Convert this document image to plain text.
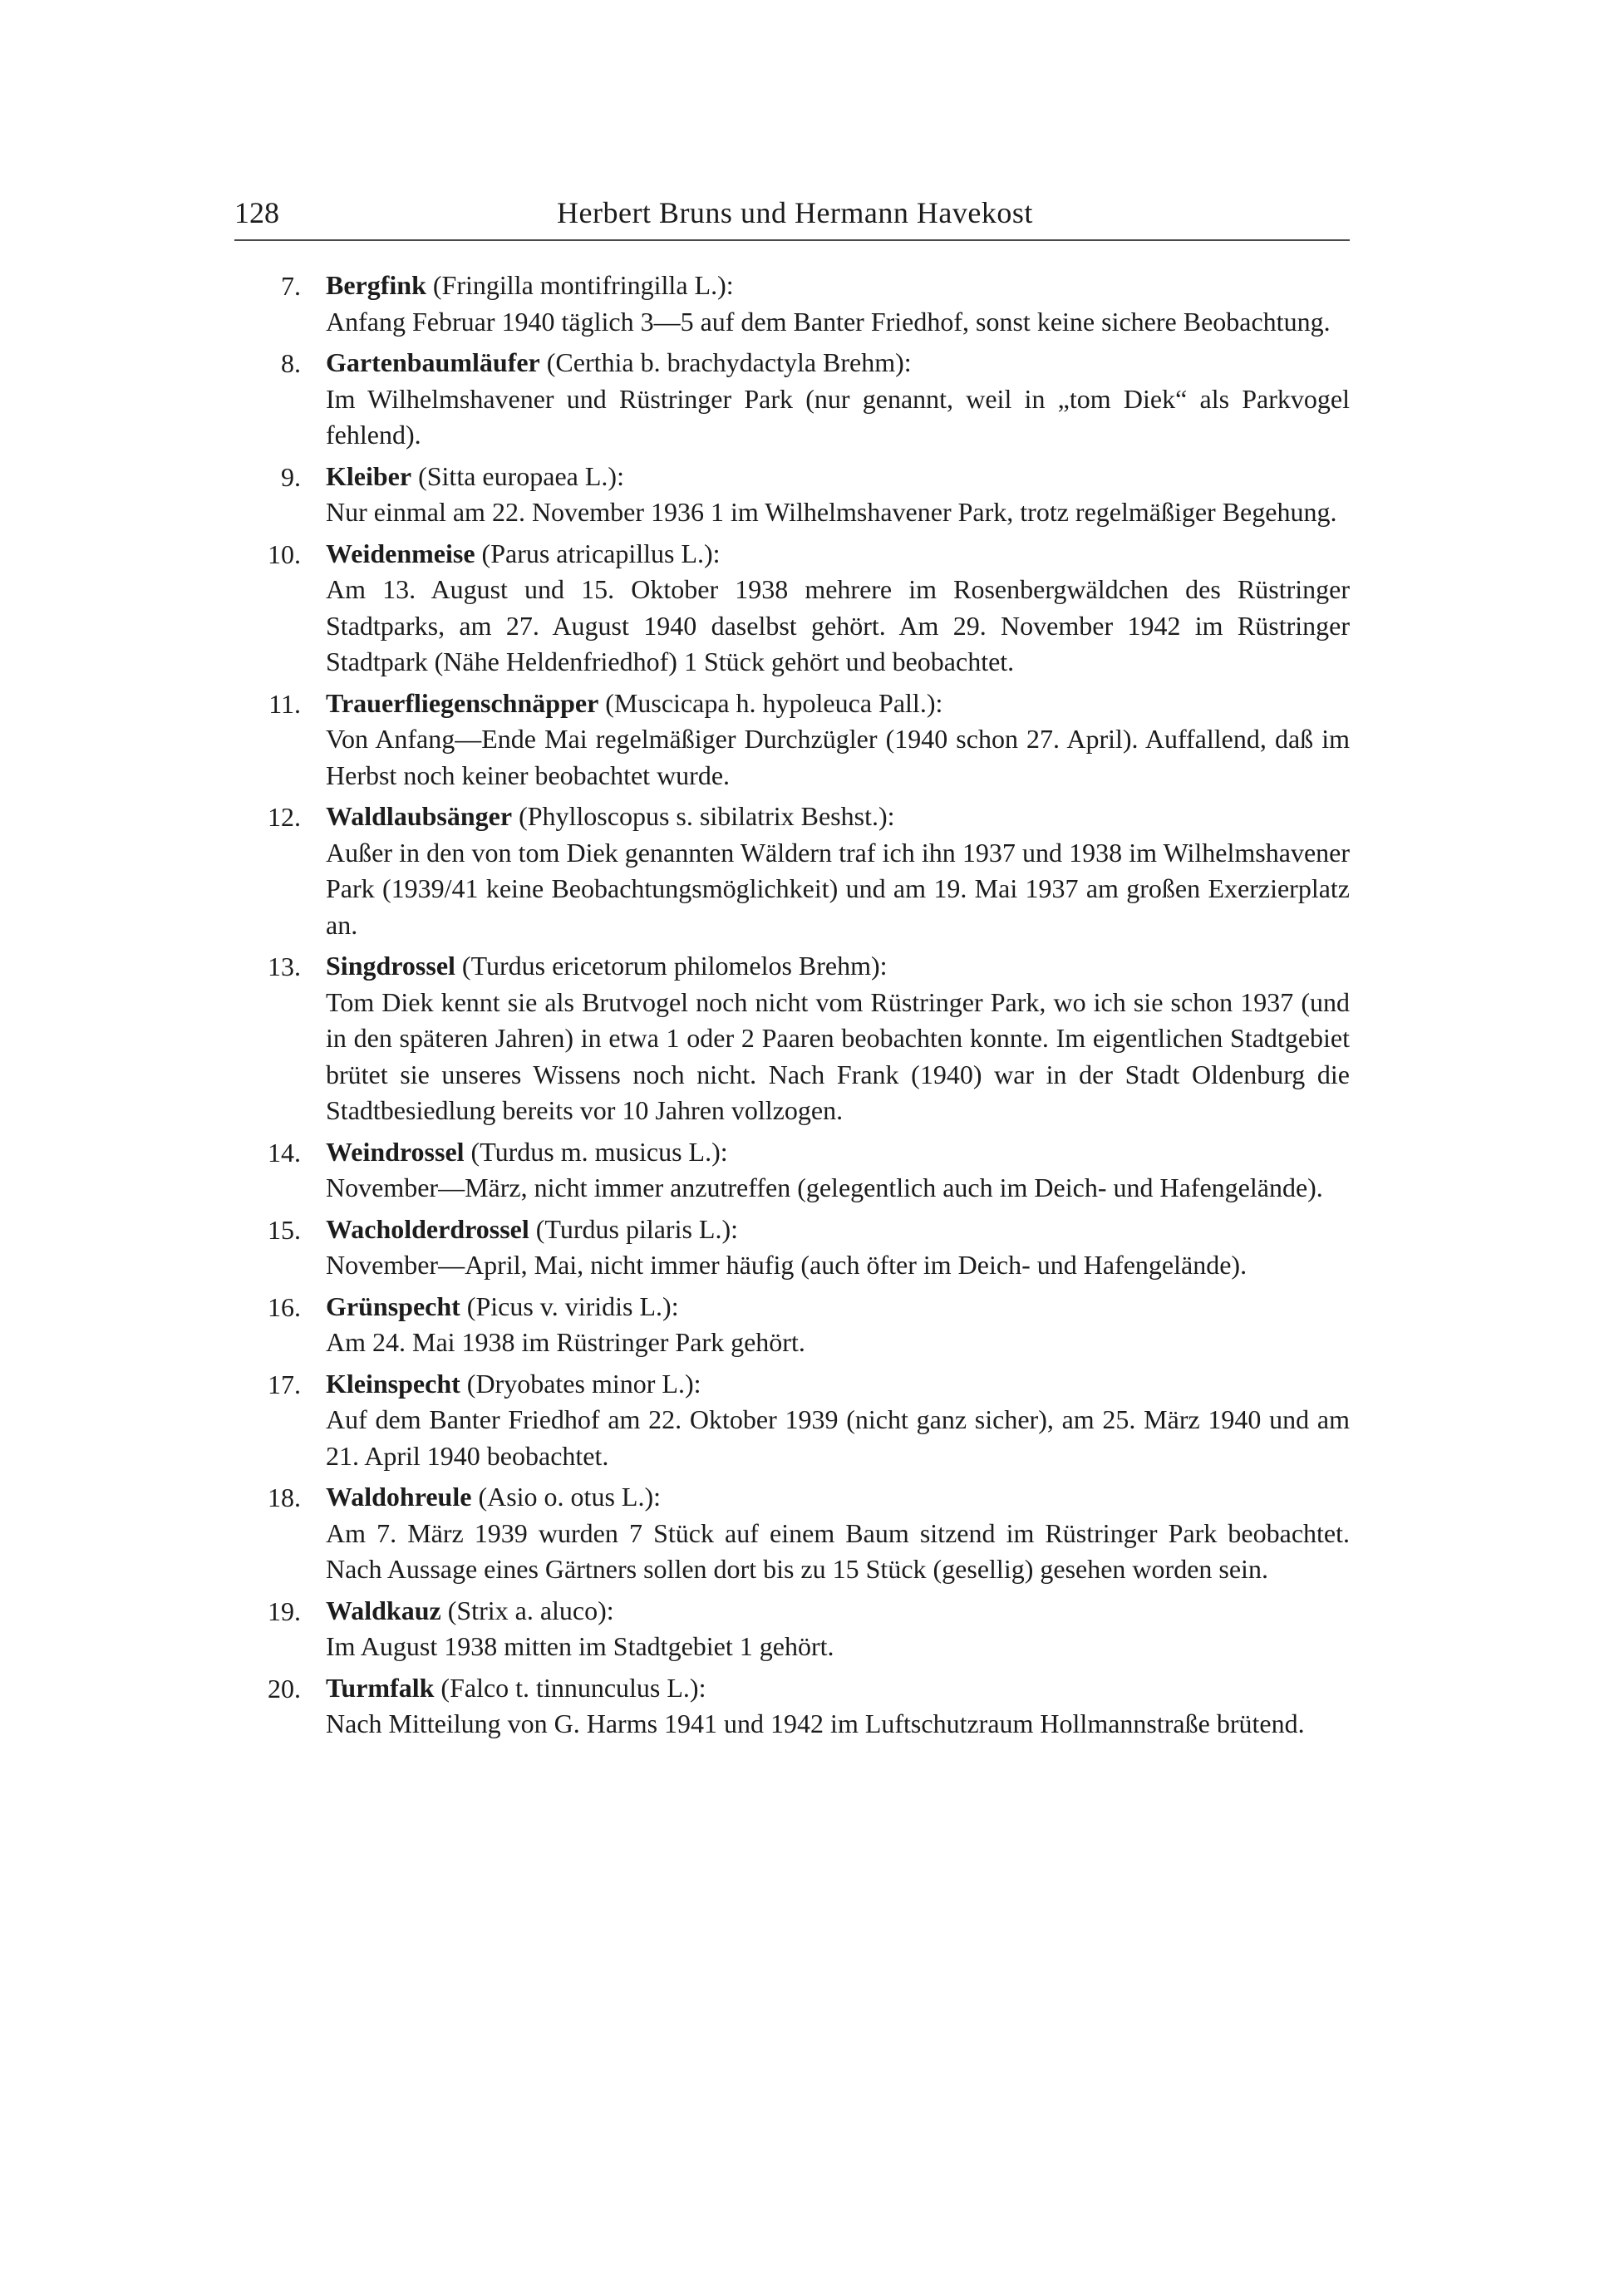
128	Herbert Bruns und Hermann Havekost
7. Bergfink (Fringilla montifringilla L.):
Anfang Februar 1940 täglich 3—5 auf dem Banter Friedhof, sonst keine sichere Beobachtung.
8. Gartenbaumläufer (Certhia b. brachydactyla Brehm):
Im Wilhelmshavener und Rüstringer Park (nur genannt, weil in „tom Diek“ als Parkvogel fehlend).
9. Kleiber (Sitta europaea L.):
Nur einmal am 22. November 1936 1 im Wilhelmshavener Park, trotz regelmäßiger Begehung.
10. Weidenmeise (Parus atricapillus L.):
Am 13. August und 15. Oktober 1938 mehrere im Rosenbergwäldchen des Rüstringer Stadtparks, am 27. August 1940 daselbst gehört. Am 29. November 1942 im Rüstringer Stadtpark (Nähe Heldenfriedhof) 1 Stück gehört und beobachtet.
11. Trauerfliegenschnäpper (Muscicapa h. hypoleuca Pall.):
Von Anfang—Ende Mai regelmäßiger Durchzügler (1940 schon 27. April). Auffallend, daß im Herbst noch keiner beobachtet wurde.
12. Waldlaubsänger (Phylloscopus s. sibilatrix Beshst.):
Außer in den von tom Diek genannten Wäldern traf ich ihn 1937 und 1938 im Wilhelmshavener Park (1939/41 keine Beobachtungsmöglichkeit) und am 19. Mai 1937 am großen Exerzierplatz an.
13. Singdrossel (Turdus ericetorum philomelos Brehm):
Tom Diek kennt sie als Brutvogel noch nicht vom Rüstringer Park, wo ich sie schon 1937 (und in den späteren Jahren) in etwa 1 oder 2 Paaren beobachten konnte. Im eigentlichen Stadtgebiet brütet sie unseres Wissens noch nicht. Nach Frank (1940) war in der Stadt Oldenburg die Stadtbesiedlung bereits vor 10 Jahren vollzogen.
14. Weindrossel (Turdus m. musicus L.):
November—März, nicht immer anzutreffen (gelegentlich auch im Deich- und Hafengelände).
15. Wacholderdrossel (Turdus pilaris L.):
November—April, Mai, nicht immer häufig (auch öfter im Deich- und Hafengelände).
16. Grünspecht (Picus v. viridis L.):
Am 24. Mai 1938 im Rüstringer Park gehört.
17. Kleinspecht (Dryobates minor L.):
Auf dem Banter Friedhof am 22. Oktober 1939 (nicht ganz sicher), am 25. März 1940 und am 21. April 1940 beobachtet.
18. Waldohreule (Asio o. otus L.):
Am 7. März 1939 wurden 7 Stück auf einem Baum sitzend im Rüstringer Park beobachtet. Nach Aussage eines Gärtners sollen dort bis zu 15 Stück (gesellig) gesehen worden sein.
19. Waldkauz (Strix a. aluco):
Im August 1938 mitten im Stadtgebiet 1 gehört.
20. Turmfalk (Falco t. tinnunculus L.):
Nach Mitteilung von G. Harms 1941 und 1942 im Luftschutzraum Hollmannstraße brütend.
